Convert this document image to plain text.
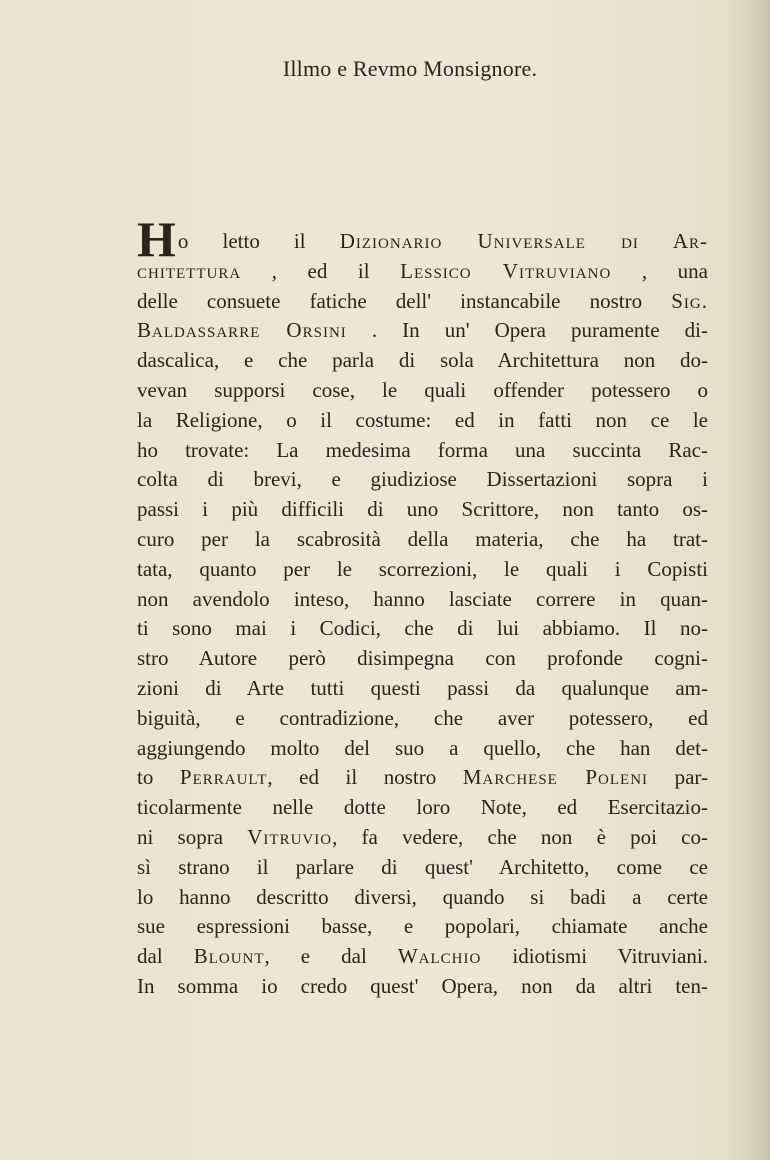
Illmo e Revmo Monsignore.
H o letto il Dizionario Universale di Ar-
chitettura , ed il Lessico Vitruviano , una
delle consuete fatiche dell' instancabile nostro Sig.
Baldassarre Orsini . In un' Opera puramente di-
dascalica, e che parla di sola Architettura non do-
vevan supporsi cose, le quali offender potessero o
la Religione, o il costume: ed in fatti non ce le
ho trovate: La medesima forma una succinta Rac-
colta di brevi, e giudiziose Dissertazioni sopra i
passi i più difficili di uno Scrittore, non tanto os-
curo per la scabrosità della materia, che ha trat-
tata, quanto per le scorrezioni, le quali i Copisti
non avendolo inteso, hanno lasciate correre in quan-
ti sono mai i Codici, che di lui abbiamo. Il no-
stro Autore però disimpegna con profonde cogni-
zioni di Arte tutti questi passi da qualunque am-
biguità, e contradizione, che aver potessero, ed
aggiungendo molto del suo a quello, che han det-
to Perrault, ed il nostro Marchese Poleni par-
ticolarmente nelle dotte loro Note, ed Esercitazio-
ni sopra Vitruvio, fa vedere, che non è poi co-
sì strano il parlare di quest' Architetto, come ce
lo hanno descritto diversi, quando si badi a certe
sue espressioni basse, e popolari, chiamate anche
dal Blount, e dal Walchio idiotismi Vitruviani.
In somma io credo quest' Opera, non da altri ten-
